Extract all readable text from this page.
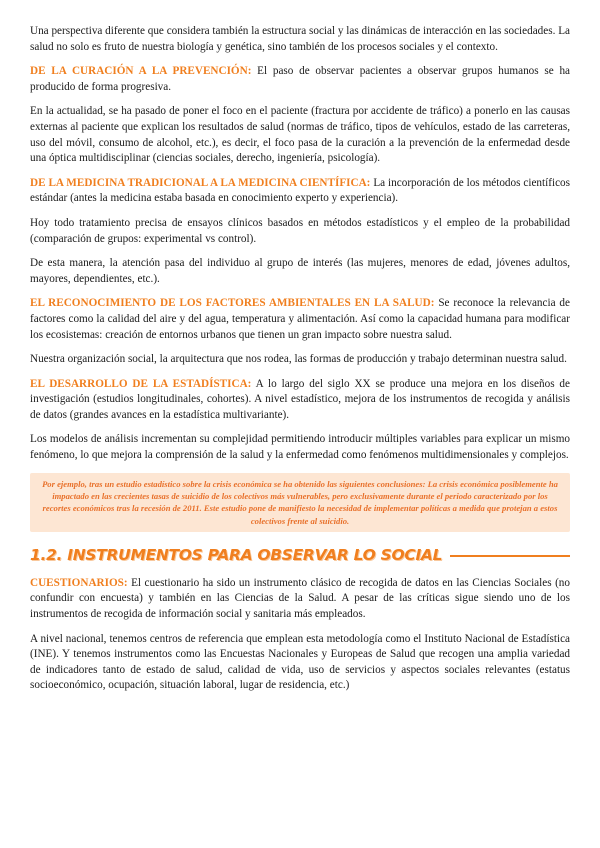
Una perspectiva diferente que considera también la estructura social y las dinámicas de interacción en las sociedades. La salud no solo es fruto de nuestra biología y genética, sino también de los procesos sociales y el contexto.

DE LA CURACIÓN A LA PREVENCIÓN: El paso de observar pacientes a observar grupos humanos se ha producido de forma progresiva.

En la actualidad, se ha pasado de poner el foco en el paciente (fractura por accidente de tráfico) a ponerlo en las causas externas al paciente que explican los resultados de salud (normas de tráfico, tipos de vehículos, estado de las carreteras, uso del móvil, consumo de alcohol, etc.), es decir, el foco pasa de la curación a la prevención de la enfermedad desde una óptica multidisciplinar (ciencias sociales, derecho, ingeniería, psicología).

DE LA MEDICINA TRADICIONAL A LA MEDICINA CIENTÍFICA: La incorporación de los métodos científicos estándar (antes la medicina estaba basada en conocimiento experto y experiencia).

Hoy todo tratamiento precisa de ensayos clínicos basados en métodos estadísticos y el empleo de la probabilidad (comparación de grupos: experimental vs control).

De esta manera, la atención pasa del individuo al grupo de interés (las mujeres, menores de edad, jóvenes adultos, mayores, dependientes, etc.).

EL RECONOCIMIENTO DE LOS FACTORES AMBIENTALES EN LA SALUD: Se reconoce la relevancia de factores como la calidad del aire y del agua, temperatura y alimentación. Así como la capacidad humana para modificar los ecosistemas: creación de entornos urbanos que tienen un gran impacto sobre nuestra salud.

Nuestra organización social, la arquitectura que nos rodea, las formas de producción y trabajo determinan nuestra salud.

EL DESARROLLO DE LA ESTADÍSTICA: A lo largo del siglo XX se produce una mejora en los diseños de investigación (estudios longitudinales, cohortes). A nivel estadístico, mejora de los instrumentos de recogida y análisis de datos (grandes avances en la estadística multivariante).

Los modelos de análisis incrementan su complejidad permitiendo introducir múltiples variables para explicar un mismo fenómeno, lo que mejora la comprensión de la salud y la enfermedad como fenómenos multidimensionales y complejos.

Por ejemplo, tras un estudio estadístico sobre la crisis económica se ha obtenido las siguientes conclusiones: La crisis económica posiblemente ha impactado en las crecientes tasas de suicidio de los colectivos más vulnerables, pero exclusivamente durante el periodo caracterizado por los recortes económicos tras la recesión de 2011. Este estudio pone de manifiesto la necesidad de implementar políticas a medida que protejan a estos colectivos frente al suicidio.

1.2. INSTRUMENTOS PARA OBSERVAR LO SOCIAL

CUESTIONARIOS: El cuestionario ha sido un instrumento clásico de recogida de datos en las Ciencias Sociales (no confundir con encuesta) y también en las Ciencias de la Salud. A pesar de las críticas sigue siendo uno de los instrumentos de recogida de información social y sanitaria más empleados.

A nivel nacional, tenemos centros de referencia que emplean esta metodología como el Instituto Nacional de Estadística (INE). Y tenemos instrumentos como las Encuestas Nacionales y Europeas de Salud que recogen una amplia variedad de indicadores tanto de estado de salud, calidad de vida, uso de servicios y aspectos sociales relevantes (estatus socioeconómico, ocupación, situación laboral, lugar de residencia, etc.)
